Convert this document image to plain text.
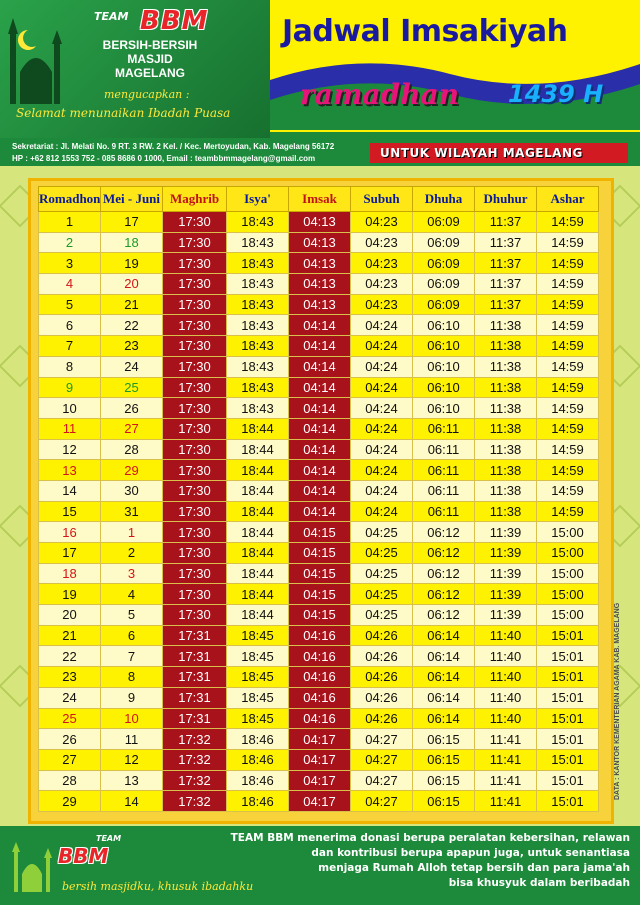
TEAM BBM
BERSIH-BERSIH MASJID
MAGELANG
mengucapkan :
Selamat menunaikan Ibadah Puasa
Jadwal Imsakiyah
ramadhan 1439 H
Sekretariat : Jl. Melati No. 9 RT. 3 RW. 2 Kel. / Kec. Mertoyudan, Kab. Magelang 56172
HP : +62 812 1553 752 - 085 8686 0 1000, Email : teambbmmagelang@gmail.com	UNTUK WILAYAH MAGELANG
Romadhon	Mei - Juni	Maghrib	Isya'	Imsak	Subuh	Dhuha	Dhuhur	Ashar
1	17	17:30	18:43	04:13	04:23	06:09	11:37	14:59
2	18	17:30	18:43	04:13	04:23	06:09	11:37	14:59
3	19	17:30	18:43	04:13	04:23	06:09	11:37	14:59
4	20	17:30	18:43	04:13	04:23	06:09	11:37	14:59
5	21	17:30	18:43	04:13	04:23	06:09	11:37	14:59
6	22	17:30	18:43	04:14	04:24	06:10	11:38	14:59
7	23	17:30	18:43	04:14	04:24	06:10	11:38	14:59
8	24	17:30	18:43	04:14	04:24	06:10	11:38	14:59
9	25	17:30	18:43	04:14	04:24	06:10	11:38	14:59
10	26	17:30	18:43	04:14	04:24	06:10	11:38	14:59
11	27	17:30	18:44	04:14	04:24	06:11	11:38	14:59
12	28	17:30	18:44	04:14	04:24	06:11	11:38	14:59
13	29	17:30	18:44	04:14	04:24	06:11	11:38	14:59
14	30	17:30	18:44	04:14	04:24	06:11	11:38	14:59
15	31	17:30	18:44	04:14	04:24	06:11	11:38	14:59
16	1	17:30	18:44	04:15	04:25	06:12	11:39	15:00
17	2	17:30	18:44	04:15	04:25	06:12	11:39	15:00
18	3	17:30	18:44	04:15	04:25	06:12	11:39	15:00
19	4	17:30	18:44	04:15	04:25	06:12	11:39	15:00
20	5	17:30	18:44	04:15	04:25	06:12	11:39	15:00
21	6	17:31	18:45	04:16	04:26	06:14	11:40	15:01
22	7	17:31	18:45	04:16	04:26	06:14	11:40	15:01
23	8	17:31	18:45	04:16	04:26	06:14	11:40	15:01
24	9	17:31	18:45	04:16	04:26	06:14	11:40	15:01
25	10	17:31	18:45	04:16	04:26	06:14	11:40	15:01
26	11	17:32	18:46	04:17	04:27	06:15	11:41	15:01
27	12	17:32	18:46	04:17	04:27	06:15	11:41	15:01
28	13	17:32	18:46	04:17	04:27	06:15	11:41	15:01
29	14	17:32	18:46	04:17	04:27	06:15	11:41	15:01
DATA : KANTOR KEMENTERIAN AGAMA KAB. MAGELANG
TEAM
BBM
bersih masjidku, khusuk ibadahku
TEAM BBM menerima donasi berupa peralatan kebersihan, relawan
dan kontribusi berupa apapun juga, untuk senantiasa
menjaga Rumah Alloh tetap bersih dan para jama'ah
bisa khusyuk dalam beribadah
